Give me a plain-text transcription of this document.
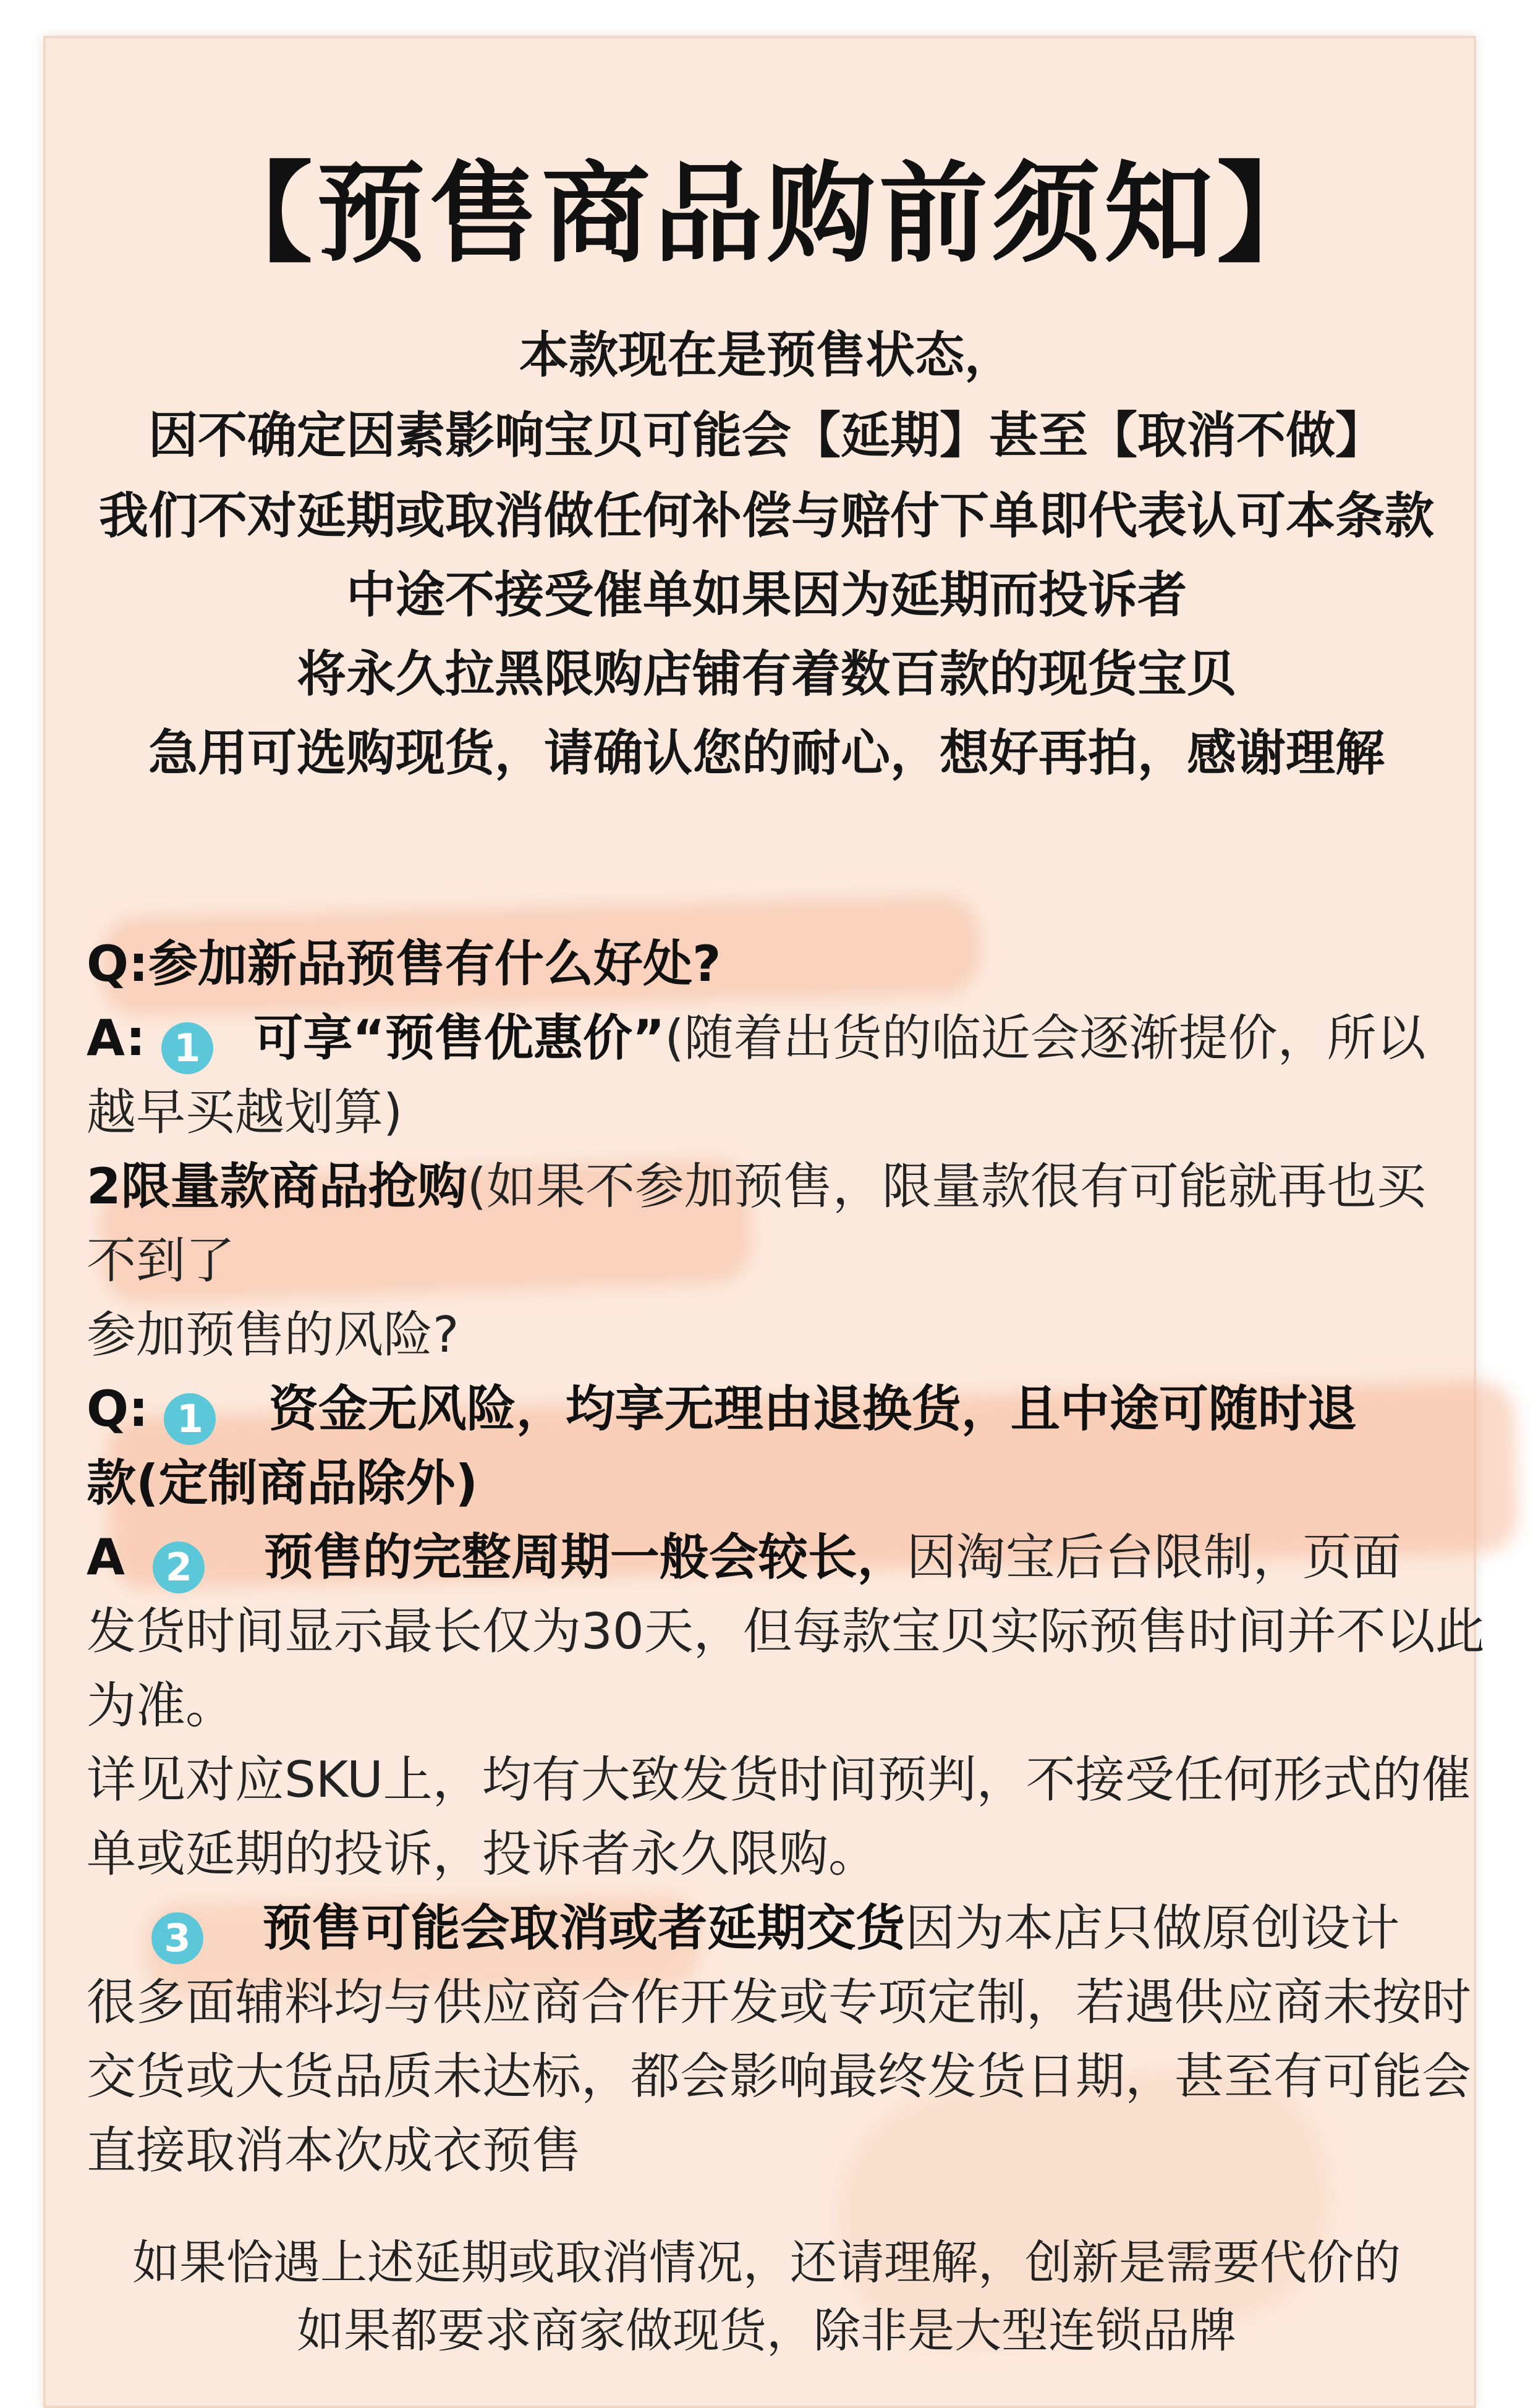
【预售商品购前须知】
本款现在是预售状态，
因不确定因素影响宝贝可能会【延期】甚至【取消不做】
我们不对延期或取消做任何补偿与赔付下单即代表认可本条款
中途不接受催单如果因为延期而投诉者
将永久拉黑限购店铺有着数百款的现货宝贝
急用可选购现货，请确认您的耐心，想好再拍，感谢理解
Q:参加新品预售有什么好处?
A: 1 可享“预售优惠价”(随着出货的临近会逐渐提价，所以
越早买越划算)
2限量款商品抢购(如果不参加预售，限量款很有可能就再也买
不到了
参加预售的风险?
Q: 1 资金无风险，均享无理由退换货，且中途可随时退
款(定制商品除外)
A 2 预售的完整周期一般会较长，因淘宝后台限制，页面
发货时间显示最长仅为30天，但每款宝贝实际预售时间并不以此
为准。
详见对应SKU上，均有大致发货时间预判，不接受任何形式的催
单或延期的投诉，投诉者永久限购。
3 预售可能会取消或者延期交货因为本店只做原创设计
很多面辅料均与供应商合作开发或专项定制，若遇供应商未按时
交货或大货品质未达标，都会影响最终发货日期，甚至有可能会
直接取消本次成衣预售
如果恰遇上述延期或取消情况，还请理解，创新是需要代价的
如果都要求商家做现货，除非是大型连锁品牌
